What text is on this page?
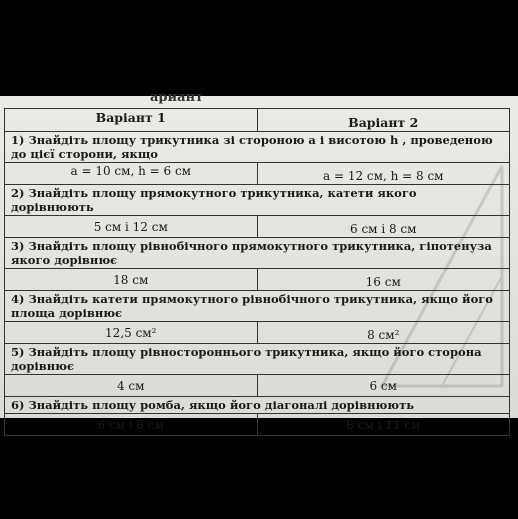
ариант
Варіант 1	Варіант 2
1) Знайдіть площу трикутника зі стороною a і висотою h , проведеною до цієї сторони, якщо	
a = 10 см, h = 6 см	a = 12 см, h = 8 см
2) Знайдіть площу прямокутного трикутника, катети якого дорівнюють	
5 см і 12 см	6 см і 8 см
3) Знайдіть площу рівнобічного прямокутного трикутника, гіпотенуза якого дорівнює	
18 см	16 см
4) Знайдіть катети прямокутного рівнобічного трикутника, якщо його площа дорівнює	
12,5 см²	8 см²
5) Знайдіть площу рівностороннього трикутника, якщо його сторона дорівнює	
4 см	6 см
6) Знайдіть площу ромба, якщо його діагоналі дорівнюють	
6 см і 8 см	8 см і 11 см
